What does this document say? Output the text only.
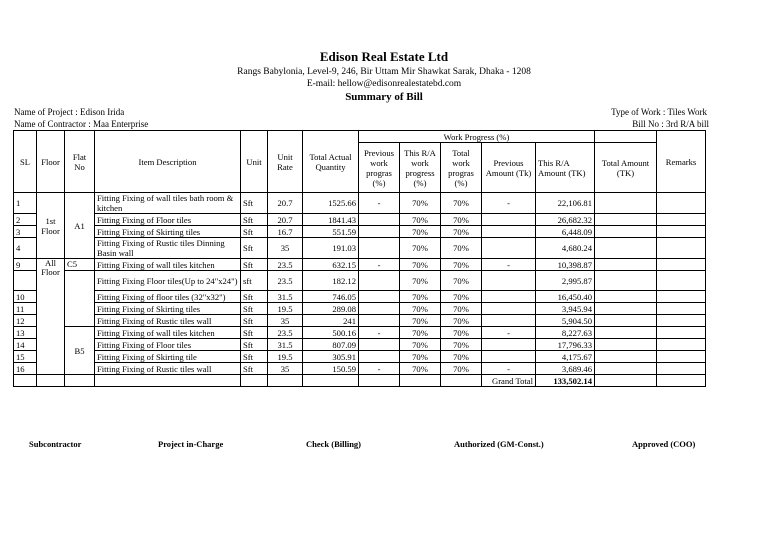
Edison Real Estate Ltd
Rangs Babylonia, Level-9, 246, Bir Uttam Mir Shawkat Sarak, Dhaka - 1208
E-mail: hellow@edisonrealestatebd.com
Summary of Bill
Name of Project : Edison Irida
Name of Contractor : Maa Enterprise
Type of Work : Tiles Work
Bill No : 3rd R/A bill
SL	Floor	Flat No	Item Description	Unit	Unit Rate	Total Actual Quantity	Work Progress (%)						Remarks
							Previous work progras (%)	This R/A work progress (%)	Total work progras (%)	Previous Amount (Tk)	This R/A Amount (TK)	Total Amount (TK)	
1	1st Floor	A1	Fitting Fixing of wall tiles bath room & kitchen	Sft	20.7	1525.66	-	70%	70%	-	22,106.81		
2			Fitting Fixing of Floor tiles	Sft	20.7	1841.43		70%	70%		26,682.32		
3			Fitting Fixing of Skirting tiles	Sft	16.7	551.59		70%	70%		6,448.09		
4			Fitting Fixing of Rustic tiles Dinning Basin wall	Sft	35	191.03		70%	70%		4,680.24		
9	All Floor	C5	Fitting Fixing of wall tiles kitchen	Sft	23.5	632.15	-	70%	70%	-	10,398.87		
			Fitting Fixing Floor tiles(Up to 24"x24")	sft	23.5	182.12		70%	70%		2,995.87		
10			Fitting Fixing of floor tiles (32"x32")	Sft	31.5	746.05		70%	70%		16,450.40		
11			Fitting Fixing of Skirting tiles	Sft	19.5	289.08		70%	70%		3,945.94		
12			Fitting Fixing of Rustic tiles wall	Sft	35	241		70%	70%		5,904.50		
13		B5	Fitting Fixing of wall tiles kitchen	Sft	23.5	500.16	-	70%	70%	-	8,227.63		
14			Fitting Fixing of Floor tiles	Sft	31.5	807.09		70%	70%		17,796.33		
15			Fitting Fixing of Skirting tile	Sft	19.5	305.91		70%	70%		4,175.67		
16			Fitting Fixing of Rustic tiles wall	Sft	35	150.59	-	70%	70%	-	3,689.46		
										Grand Total	133,502.14		
Subcontractor	Project in-Charge	Check (Billing)	Authorized (GM-Const.)	Approved (COO)
